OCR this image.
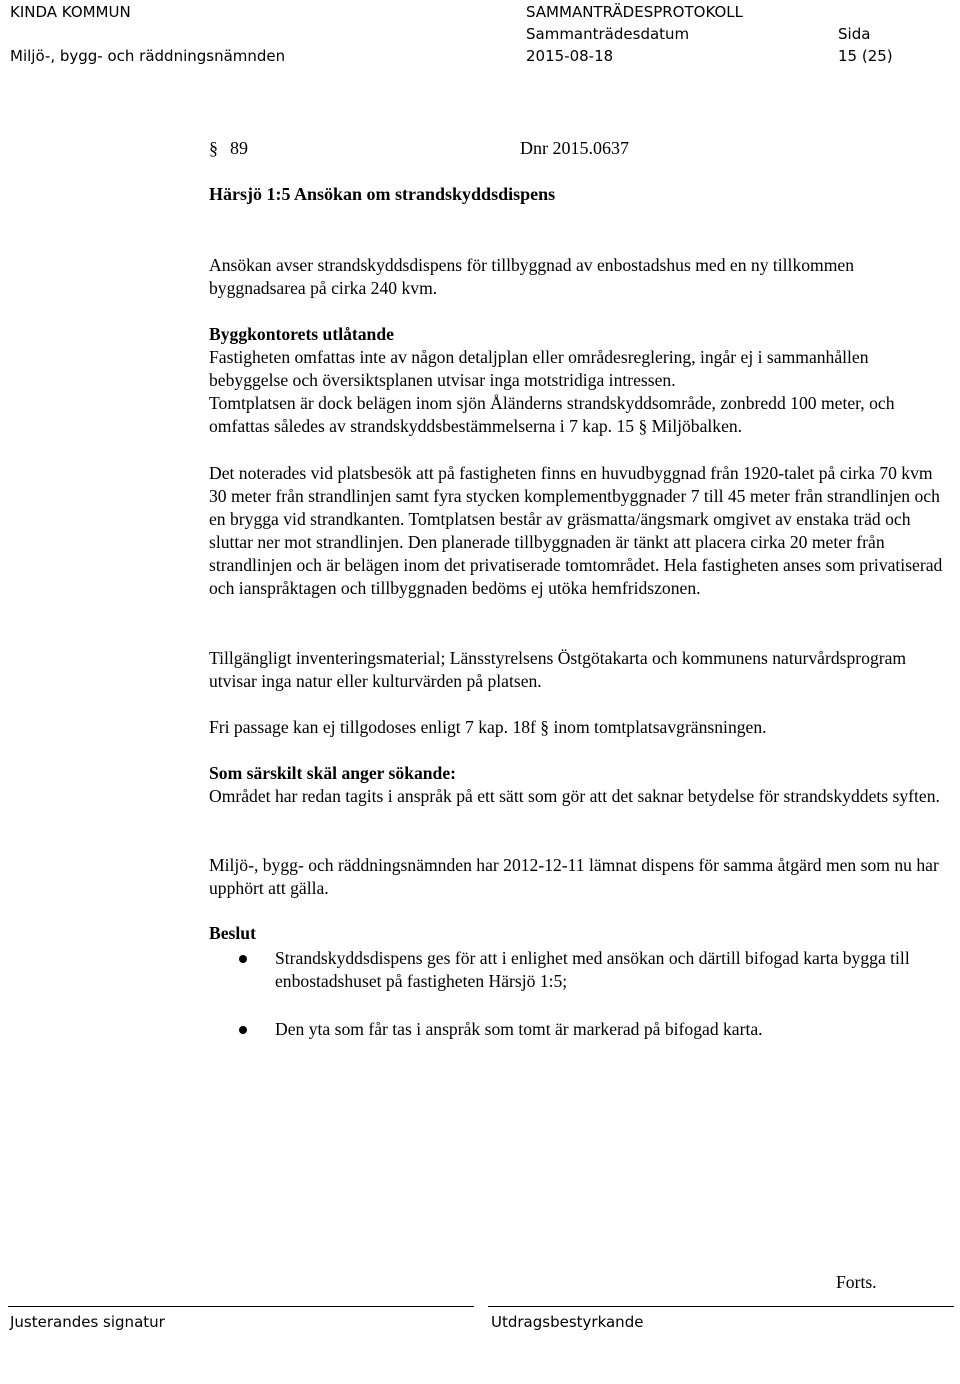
KINDA KOMMUN
Miljö-, bygg- och räddningsnämnden
SAMMANTRÄDESPROTOKOLL
Sammanträdesdatum
2015-08-18
Sida
15 (25)
§ 89	Dnr 2015.0637
Härsjö 1:5 Ansökan om strandskyddsdispens

Ansökan avser strandskyddsdispens för tillbyggnad av enbostadshus med en ny tillkommen byggnadsarea på cirka 240 kvm.

Byggkontorets utlåtande

Fastigheten omfattas inte av någon detaljplan eller områdesreglering, ingår ej i sammanhållen bebyggelse och översiktsplanen utvisar inga motstridiga intressen.

Tomtplatsen är dock belägen inom sjön Åländerns strandskyddsområde, zonbredd 100 meter, och omfattas således av strandskyddsbestämmelserna i 7 kap. 15 § Miljöbalken.

Det noterades vid platsbesök att på fastigheten finns en huvudbyggnad från 1920-talet på cirka 70 kvm 30 meter från strandlinjen samt fyra stycken komplementbyggnader 7 till 45 meter från strandlinjen och en brygga vid strandkanten. Tomtplatsen består av gräsmatta/ängsmark omgivet av enstaka träd och sluttar ner mot strandlinjen. Den planerade tillbyggnaden är tänkt att placera cirka 20 meter från strandlinjen och är belägen inom det privatiserade tomtområdet. Hela fastigheten anses som privatiserad och ianspråktagen och tillbyggnaden bedöms ej utöka hemfridszonen.

Tillgängligt inventeringsmaterial; Länsstyrelsens Östgötakarta och kommunens naturvårdsprogram utvisar inga natur eller kulturvärden på platsen.

Fri passage kan ej tillgodoses enligt 7 kap. 18f § inom tomtplatsavgränsningen.

Som särskilt skäl anger sökande:

Området har redan tagits i anspråk på ett sätt som gör att det saknar betydelse för strandskyddets syften.

Miljö-, bygg- och räddningsnämnden har 2012-12-11 lämnat dispens för samma åtgärd men som nu har upphört att gälla.

Beslut

Strandskyddsdispens ges för att i enlighet med ansökan och därtill bifogad karta bygga till enbostadshuset på fastigheten Härsjö 1:5;

Den yta som får tas i anspråk som tomt är markerad på bifogad karta.

Forts.
Justerandes signatur	Utdragsbestyrkande
